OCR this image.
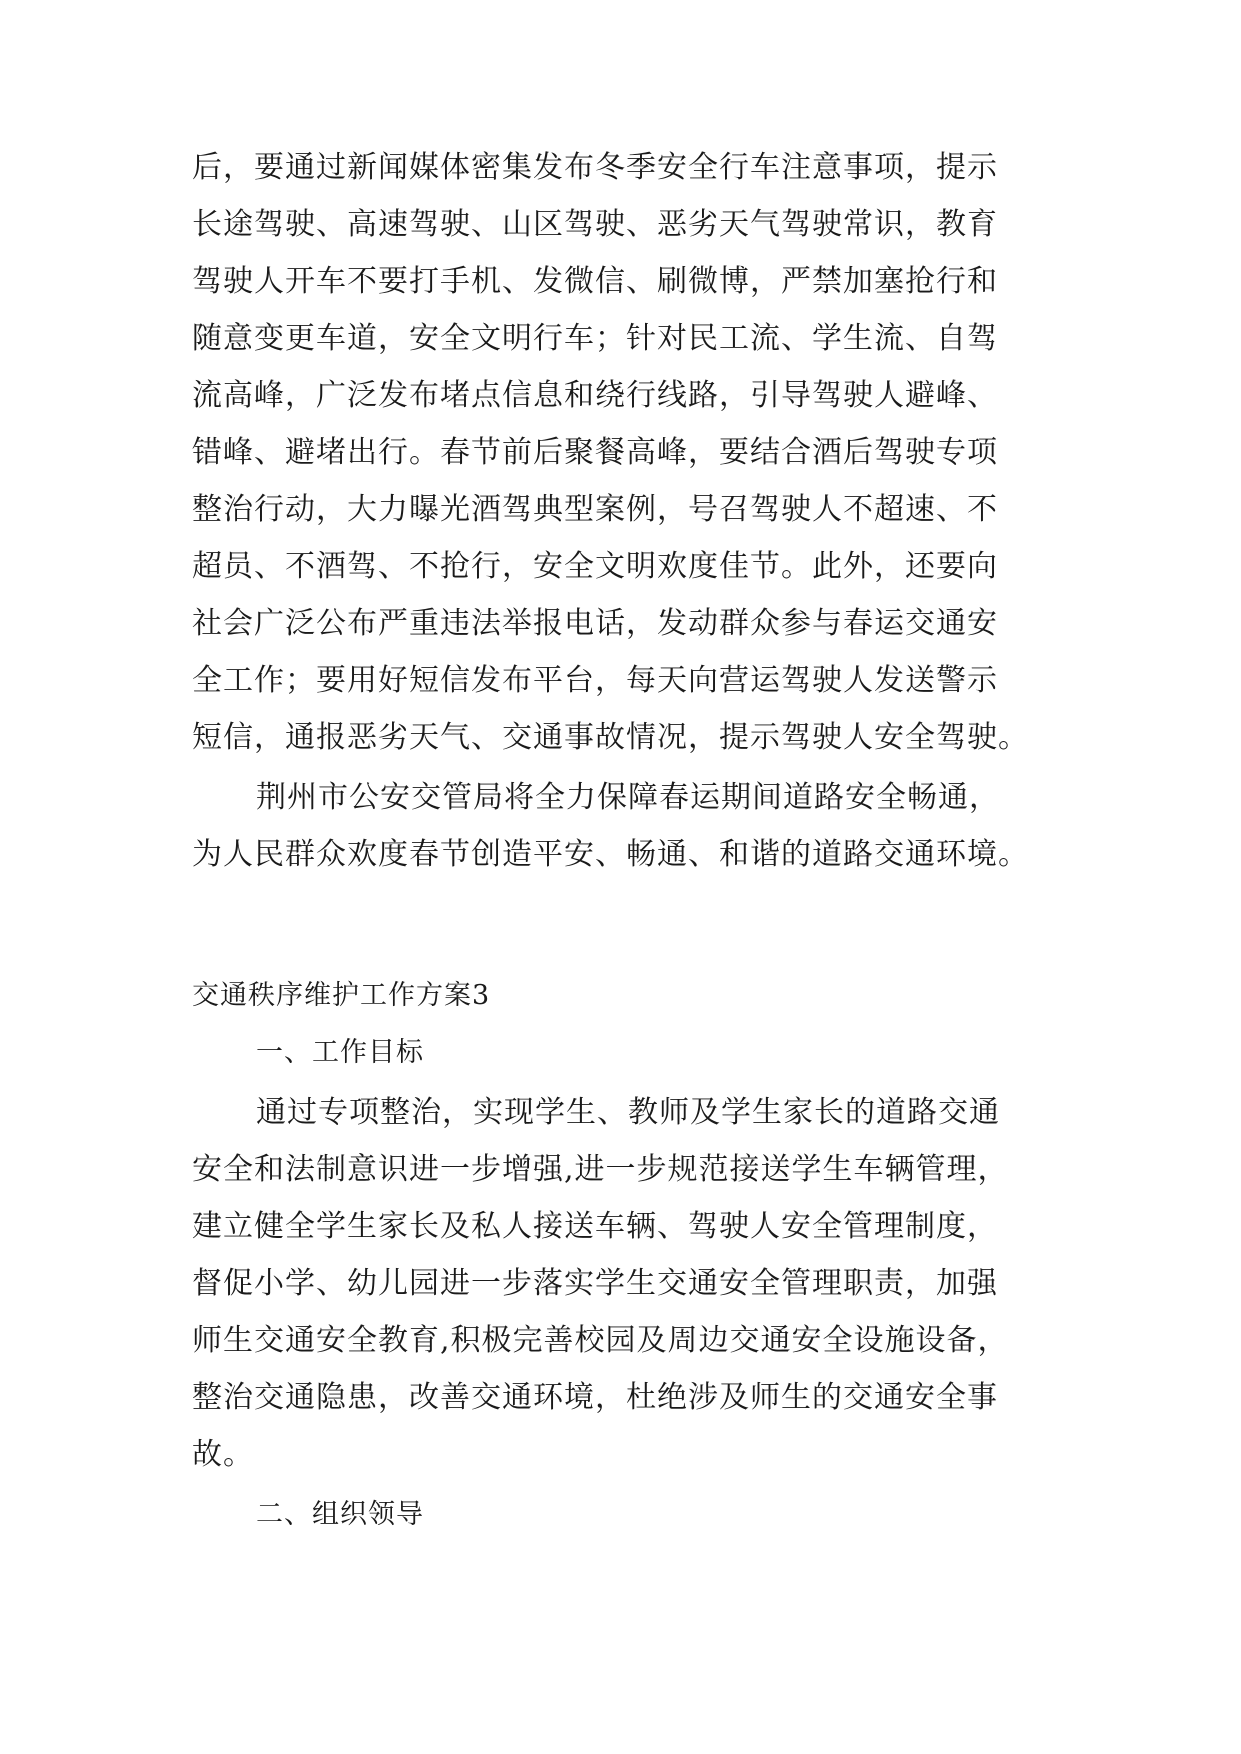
后，要通过新闻媒体密集发布冬季安全行车注意事项，提示
长途驾驶、高速驾驶、山区驾驶、恶劣天气驾驶常识，教育
驾驶人开车不要打手机、发微信、刷微博，严禁加塞抢行和
随意变更车道，安全文明行车；针对民工流、学生流、自驾
流高峰，广泛发布堵点信息和绕行线路，引导驾驶人避峰、
错峰、避堵出行。春节前后聚餐高峰，要结合酒后驾驶专项
整治行动，大力曝光酒驾典型案例，号召驾驶人不超速、不
超员、不酒驾、不抢行，安全文明欢度佳节。此外，还要向
社会广泛公布严重违法举报电话，发动群众参与春运交通安
全工作；要用好短信发布平台，每天向营运驾驶人发送警示
短信，通报恶劣天气、交通事故情况，提示驾驶人安全驾驶。
荆州市公安交管局将全力保障春运期间道路安全畅通，
为人民群众欢度春节创造平安、畅通、和谐的道路交通环境。
交通秩序维护工作方案3
一、工作目标
通过专项整治，实现学生、教师及学生家长的道路交通
安全和法制意识进一步增强,进一步规范接送学生车辆管理，
建立健全学生家长及私人接送车辆、驾驶人安全管理制度，
督促小学、幼儿园进一步落实学生交通安全管理职责，加强
师生交通安全教育,积极完善校园及周边交通安全设施设备，
整治交通隐患，改善交通环境，杜绝涉及师生的交通安全事
故。
二、组织领导
